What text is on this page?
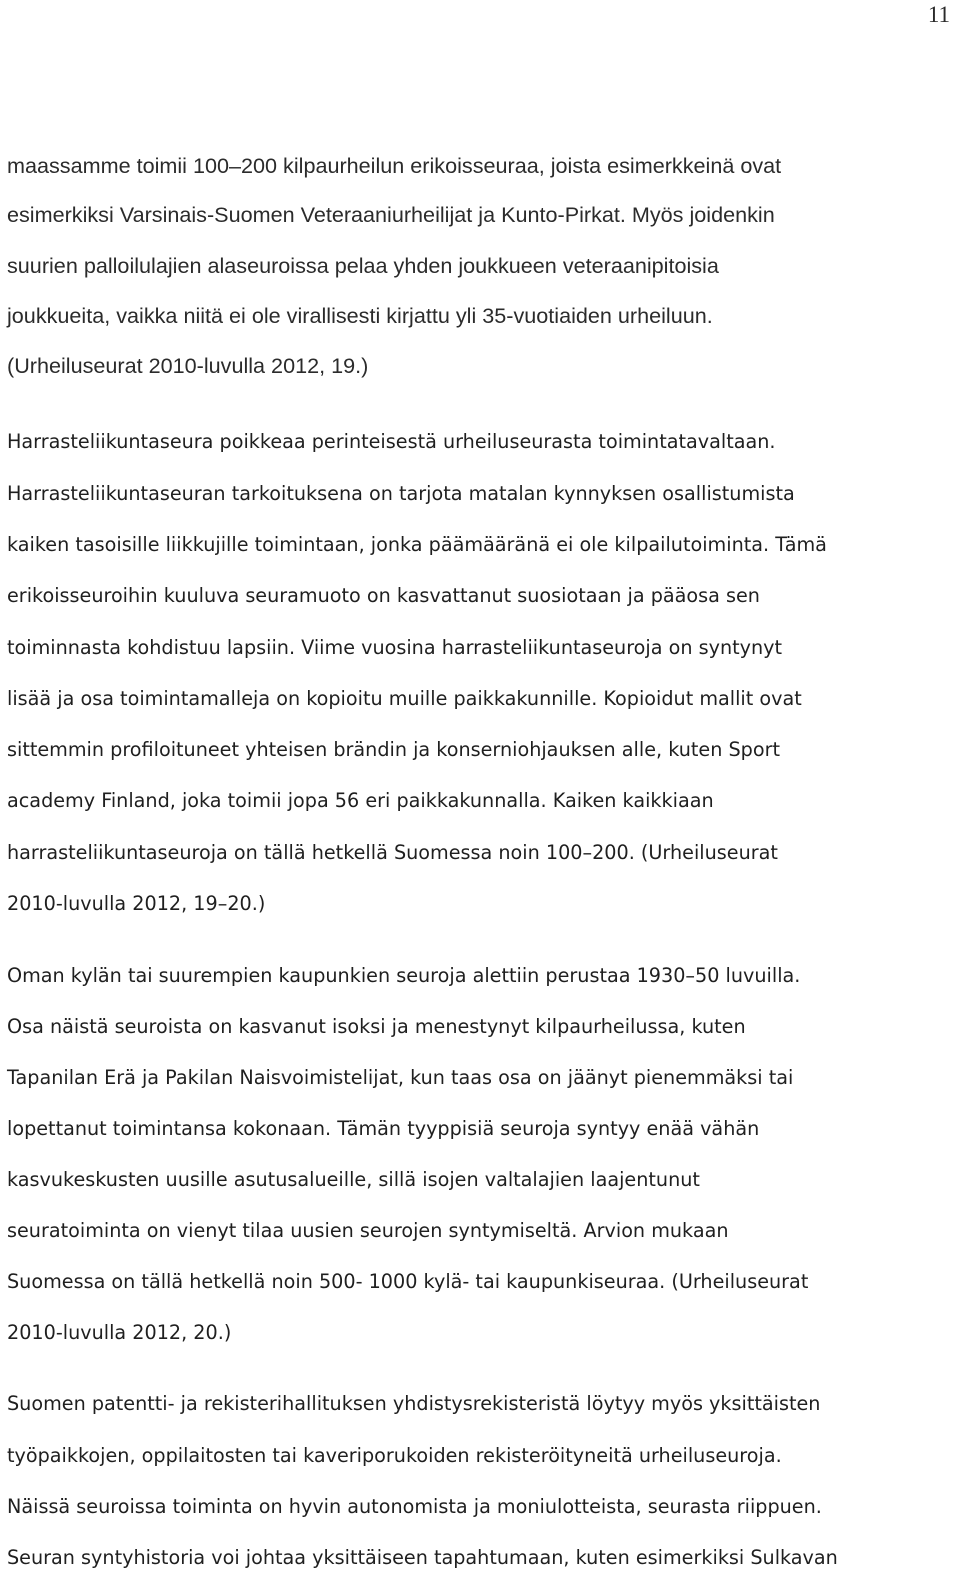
11
maassamme toimii 100–200 kilpaurheilun erikoisseuraa, joista esimerkkeinä ovat
esimerkiksi Varsinais-Suomen Veteraaniurheilijat ja Kunto-Pirkat. Myös joidenkin
suurien palloilulajien alaseuroissa pelaa yhden joukkueen veteraanipitoisia
joukkueita, vaikka niitä ei ole virallisesti kirjattu yli 35-vuotiaiden urheiluun.
(Urheiluseurat 2010-luvulla 2012, 19.)
Harrasteliikuntaseura poikkeaa perinteisestä urheiluseurasta toimintatavaltaan.
Harrasteliikuntaseuran tarkoituksena on tarjota matalan kynnyksen osallistumista
kaiken tasoisille liikkujille toimintaan, jonka päämääränä ei ole kilpailutoiminta. Tämä
erikoisseuroihin kuuluva seuramuoto on kasvattanut suosiotaan ja pääosa sen
toiminnasta kohdistuu lapsiin. Viime vuosina harrasteliikuntaseuroja on syntynyt
lisää ja osa toimintamalleja on kopioitu muille paikkakunnille. Kopioidut mallit ovat
sittemmin profiloituneet yhteisen brändin ja konserniohjauksen alle, kuten Sport
academy Finland, joka toimii jopa 56 eri paikkakunnalla. Kaiken kaikkiaan
harrasteliikuntaseuroja on tällä hetkellä Suomessa noin 100–200. (Urheiluseurat
2010-luvulla 2012, 19–20.)
Oman kylän tai suurempien kaupunkien seuroja alettiin perustaa 1930–50 luvuilla.
Osa näistä seuroista on kasvanut isoksi ja menestynyt kilpaurheilussa, kuten
Tapanilan Erä ja Pakilan Naisvoimistelijat, kun taas osa on jäänyt pienemmäksi tai
lopettanut toimintansa kokonaan. Tämän tyyppisiä seuroja syntyy enää vähän
kasvukeskusten uusille asutusalueille, sillä isojen valtalajien laajentunut
seuratoiminta on vienyt tilaa uusien seurojen syntymiseltä. Arvion mukaan
Suomessa on tällä hetkellä noin 500- 1000 kylä- tai kaupunkiseuraa. (Urheiluseurat
2010-luvulla 2012, 20.)
Suomen patentti- ja rekisterihallituksen yhdistysrekisteristä löytyy myös yksittäisten
työpaikkojen, oppilaitosten tai kaveriporukoiden rekisteröityneitä urheiluseuroja.
Näissä seuroissa toiminta on hyvin autonomista ja moniulotteista, seurasta riippuen.
Seuran syntyhistoria voi johtaa yksittäiseen tapahtumaan, kuten esimerkiksi Sulkavan
